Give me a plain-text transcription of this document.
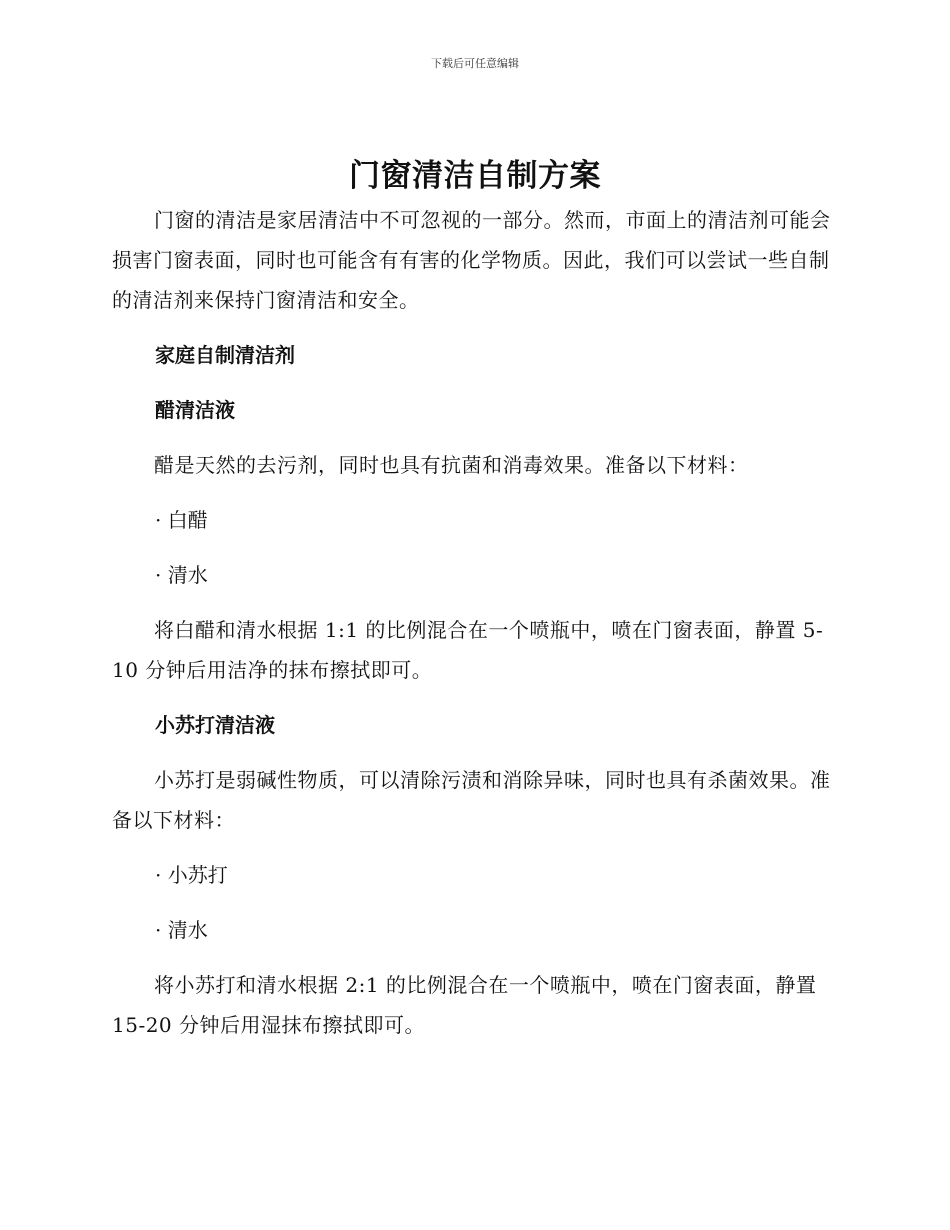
下载后可任意编辑
门窗清洁自制方案

门窗的清洁是家居清洁中不可忽视的一部分。然而，市面上的清洁剂可能会损害门窗表面，同时也可能含有有害的化学物质。因此，我们可以尝试一些自制的清洁剂来保持门窗清洁和安全。

家庭自制清洁剂

醋清洁液

醋是天然的去污剂，同时也具有抗菌和消毒效果。准备以下材料：

· 白醋

· 清水

将白醋和清水根据 1:1 的比例混合在一个喷瓶中，喷在门窗表面，静置 5-10 分钟后用洁净的抹布擦拭即可。

小苏打清洁液

小苏打是弱碱性物质，可以清除污渍和消除异味，同时也具有杀菌效果。准备以下材料：

· 小苏打

· 清水

将小苏打和清水根据 2:1 的比例混合在一个喷瓶中，喷在门窗表面，静置 15-20 分钟后用湿抹布擦拭即可。
